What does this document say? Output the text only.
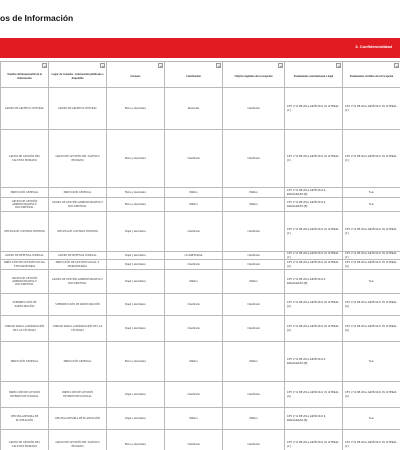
os de Información
3. Confidencialidad
Nombre del Responsable de la Información	Lugar de Consulta - Información publicada o disponible	Formato	Clasificación	Objetivo legítimo de la excepción	Fundamento constitucional o legal	Fundamento Jurídico de la Excepción

GRUPO DE ARCHIVO CENTRAL	GRUPO DE ARCHIVO CENTRAL	Físico y electrónico	Reservada	Clasificada	LEY 1712 DE 2014, ARTÍCULO 18, LITERAL (C)	LEY 1712 DE 2014, ARTÍCULO 18, LITERAL (C)
GRUPO DE GESTIÓN DEL TALENTO HUMANO	GRUPO DE GESTIÓN DEL TALENTO HUMANO	Físico y electrónico	Clasificada	Clasificada	LEY 1712 DE 2014, ARTÍCULO 18, LITERAL (C)	LEY 1712 DE 2014, ARTÍCULO 18, LITERAL (C)
DIRECCIÓN GENERAL	DIRECCIÓN GENERAL	Físico y electrónico	Pública	Pública	LEY 1712 DE 2014, ARTÍCULO 6, PARÁGRAFO (B)	N.A.
GRUPO DE GESTIÓN ADMINISTRATIVA Y DOCUMENTAL	GRUPO DE GESTIÓN ADMINISTRATIVA Y DOCUMENTAL	Físico y electrónico	Pública	Pública	LEY 1712 DE 2014, ARTÍCULO 6, PARÁGRAFO (B)	N.A.
OFICINA DE CONTROL INTERNO	OFICINA DE CONTROL INTERNO	Papel y electrónico	Clasificada	Clasificada	LEY 1712 DE 2014, ARTÍCULO 18, LITERAL (C)	LEY 1712 DE 2014, ARTÍCULO 18, LITERAL (C)
GRUPO DE DEFENSA JUDICIAL	GRUPO DE DEFENSA JUDICIAL	Papel y electrónico	CLASIFICADA	Clasificada	LEY 1712 DE 2014, ARTÍCULO 18, LITERAL (C)	LEY 1712 DE 2014, ARTÍCULO 18, LITERAL (C)
DIRECCIÓN DE GESTIÓN SOCIAL Y HUMANITARIA	DIRECCIÓN DE GESTIÓN SOCIAL Y HUMANITARIA	Papel y electrónico	Clasificada	Clasificada	LEY 1712 DE 2014, ARTÍCULO 18, LITERAL (A)	LEY 1712 DE 2014, ARTÍCULO 18, LITERAL (A)
GRUPO DE GESTIÓN ADMINISTRATIVA Y DOCUMENTAL	GRUPO DE GESTIÓN ADMINISTRATIVA Y DOCUMENTAL	Papel y electrónico	Pública	Pública	LEY 1712 DE 2014, ARTÍCULO 6, PARÁGRAFO (B)	N.A.
SUBDIRECCIÓN DE PARTICIPACIÓN	SUBDIRECCIÓN DE PARTICIPACIÓN	Papel y electrónico	Clasificada	Clasificada	LEY 1712 DE 2014, ARTÍCULO 18, LITERAL (A)	LEY 1712 DE 2014, ARTÍCULO 18, LITERAL (A)
UNIDAD PARA LA REPARACIÓN DE LAS VÍCTIMAS	UNIDAD PARA LA REPARACIÓN DE LAS VÍCTIMAS	Papel y electrónico	Clasificada	Clasificada	LEY 1712 DE 2014, ARTÍCULO 18, LITERAL (A)	LEY 1712 DE 2014, ARTÍCULO 18, LITERAL (A)
DIRECCIÓN GENERAL	DIRECCIÓN GENERAL	Físico y electrónico	Pública	Pública	LEY 1712 DE 2014, ARTÍCULO 6, PARÁGRAFO (B)	N.A.
DIRECCIÓN DE GESTIÓN INTERINSTITUCIONAL	DIRECCIÓN DE GESTIÓN INTERINSTITUCIONAL	Papel y electrónico	Clasificada	Clasificada	LEY 1712 DE 2014, ARTÍCULO 18, LITERAL (A)	LEY 1712 DE 2014, ARTÍCULO 18, LITERAL (A)
OFICINA ASESORA DE PLANEACIÓN	OFICINA ASESORA DE PLANEACIÓN	Papel y electrónico	Pública	Pública	LEY 1712 DE 2014, ARTÍCULO 6, PARÁGRAFO (B)	N.A.
GRUPO DE GESTIÓN DEL TALENTO HUMANO	GRUPO DE GESTIÓN DEL TALENTO HUMANO	Físico y electrónico	Clasificada	Clasificada	LEY 1712 DE 2014, ARTÍCULO 18, LITERAL (C)	LEY 1712 DE 2014, ARTÍCULO 18, LITERAL (C)
